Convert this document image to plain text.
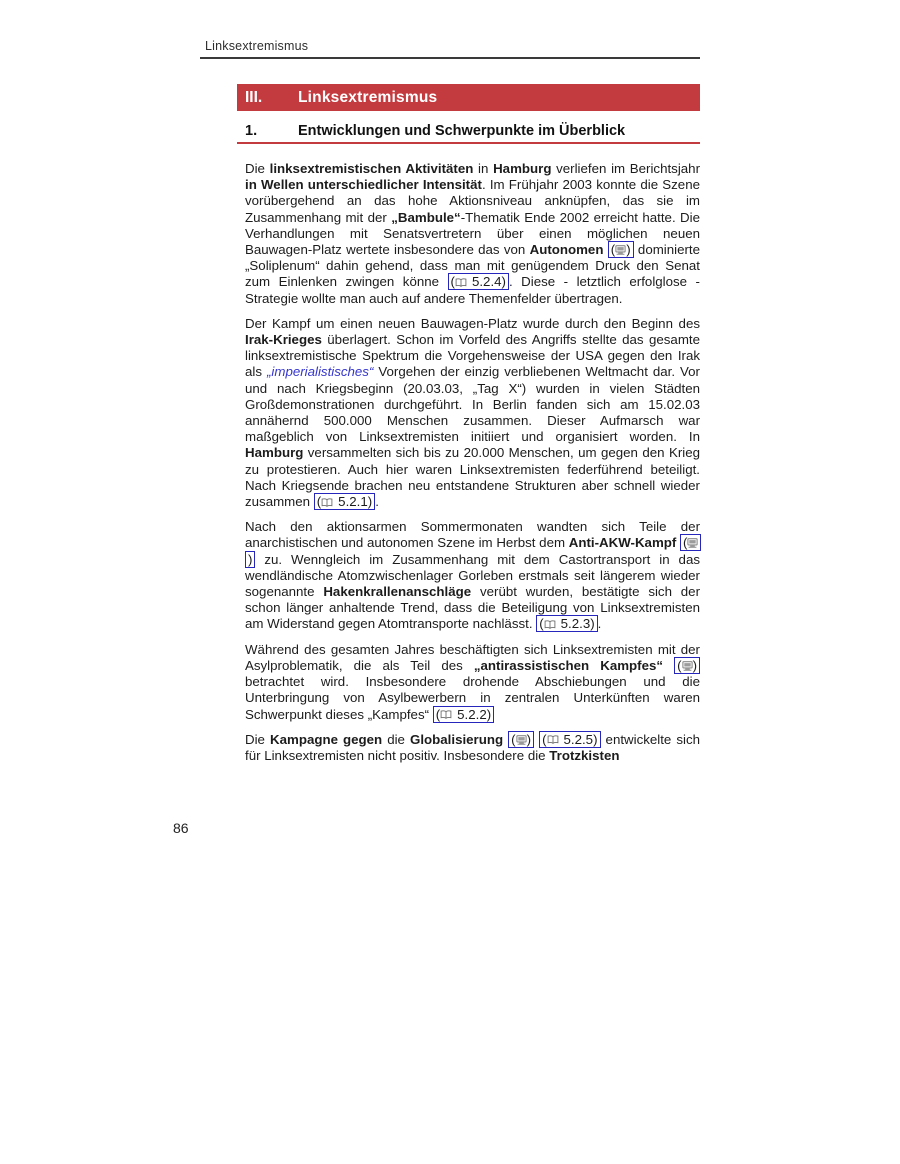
Linksextremismus
III.	Linksextremismus
1.	Entwicklungen und Schwerpunkte im Überblick
Die linksextremistischen Aktivitäten in Hamburg verliefen im Berichtsjahr in Wellen unterschiedlicher Intensität. Im Frühjahr 2003 konnte die Szene vorübergehend an das hohe Aktionsniveau anknüpfen, das sie im Zusammenhang mit der „Bambule“-Thematik Ende 2002 erreicht hatte. Die Verhandlungen mit Senatsvertretern über einen möglichen neuen Bauwagen-Platz wertete insbesondere das von Autonomen ( ) dominierte „Soliplenum“ dahin gehend, dass man mit genügendem Druck den Senat zum Einlenken zwingen könne ( 5.2.4) . Diese - letztlich erfolglose - Strategie wollte man auch auf andere Themenfelder übertragen.
Der Kampf um einen neuen Bauwagen-Platz wurde durch den Beginn des Irak-Krieges überlagert. Schon im Vorfeld des Angriffs stellte das gesamte linksextremistische Spektrum die Vorgehensweise der USA gegen den Irak als „imperialistisches“ Vorgehen der einzig verbliebenen Weltmacht dar. Vor und nach Kriegsbeginn (20.03.03, „Tag X“) wurden in vielen Städten Großdemonstrationen durchgeführt. In Berlin fanden sich am 15.02.03 annähernd 500.000 Menschen zusammen. Dieser Aufmarsch war maßgeblich von Linksextremisten initiiert und organisiert worden. In Hamburg versammelten sich bis zu 20.000 Menschen, um gegen den Krieg zu protestieren. Auch hier waren Linksextremisten federführend beteiligt. Nach Kriegsende brachen neu entstandene Strukturen aber schnell wieder zusammen ( 5.2.1) .
Nach den aktionsarmen Sommermonaten wandten sich Teile der anarchistischen und autonomen Szene im Herbst dem Anti-AKW-Kampf () zu. Wenngleich im Zusammenhang mit dem Castortransport in das wendländische Atomzwischenlager Gorleben erstmals seit längerem wieder sogenannte Hakenkrallenanschläge verübt wurden, bestätigte sich der schon länger anhaltende Trend, dass die Beteiligung von Linksextremisten am Widerstand gegen Atomtransporte nachlässt. ( 5.2.3) .
Während des gesamten Jahres beschäftigten sich Linksextremisten mit der Asylproblematik, die als Teil des „antirassistischen Kampfes“ ( ) betrachtet wird. Insbesondere drohende Abschiebungen und die Unterbringung von Asylbewerbern in zentralen Unterkünften waren Schwerpunkt dieses „Kampfes“ ( 5.2.2)
Die Kampagne gegen die Globalisierung ( ) ( 5.2.5) entwickelte sich für Linksextremisten nicht positiv. Insbesondere die Trotzkisten
86
